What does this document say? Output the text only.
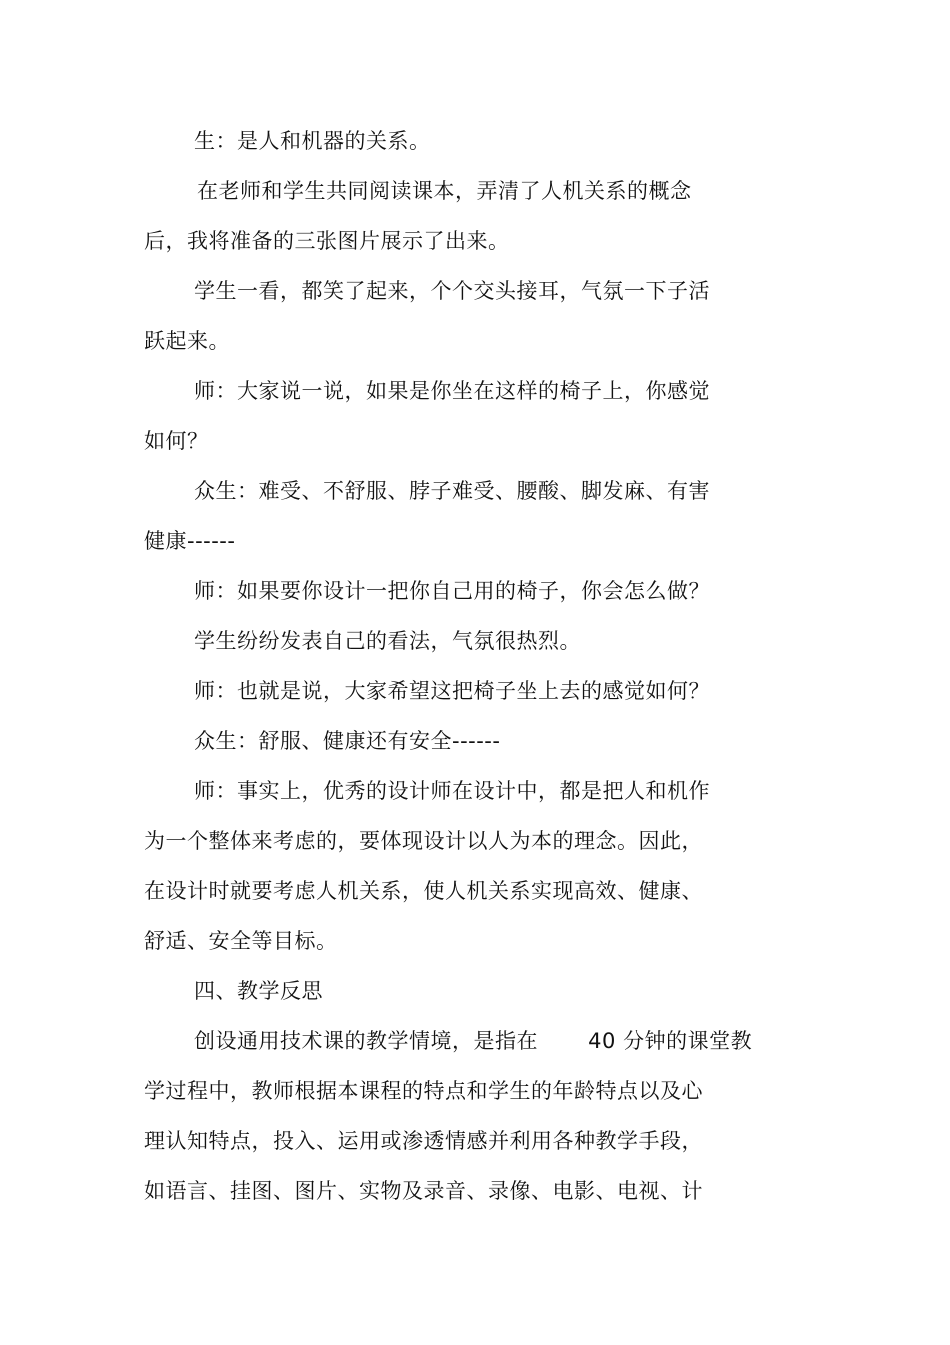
生：是人和机器的关系。
在老师和学生共同阅读课本，弄清了人机关系的概念
后，我将准备的三张图片展示了出来。
学生一看，都笑了起来，个个交头接耳，气氛一下子活
跃起来。
师：大家说一说，如果是你坐在这样的椅子上，你感觉
如何？
众生：难受、不舒服、脖子难受、腰酸、脚发麻、有害
健康------
师：如果要你设计一把你自己用的椅子，你会怎么做？
学生纷纷发表自己的看法，气氛很热烈。
师：也就是说，大家希望这把椅子坐上去的感觉如何？
众生：舒服、健康还有安全------
师：事实上，优秀的设计师在设计中，都是把人和机作
为一个整体来考虑的，要体现设计以人为本的理念。因此，
在设计时就要考虑人机关系，使人机关系实现高效、健康、
舒适、安全等目标。
四、教学反思
创设通用技术课的教学情境，是指在 　　40 分钟的课堂教
学过程中，教师根据本课程的特点和学生的年龄特点以及心
理认知特点，投入、运用或渗透情感并利用各种教学手段，
如语言、挂图、图片、实物及录音、录像、电影、电视、计
